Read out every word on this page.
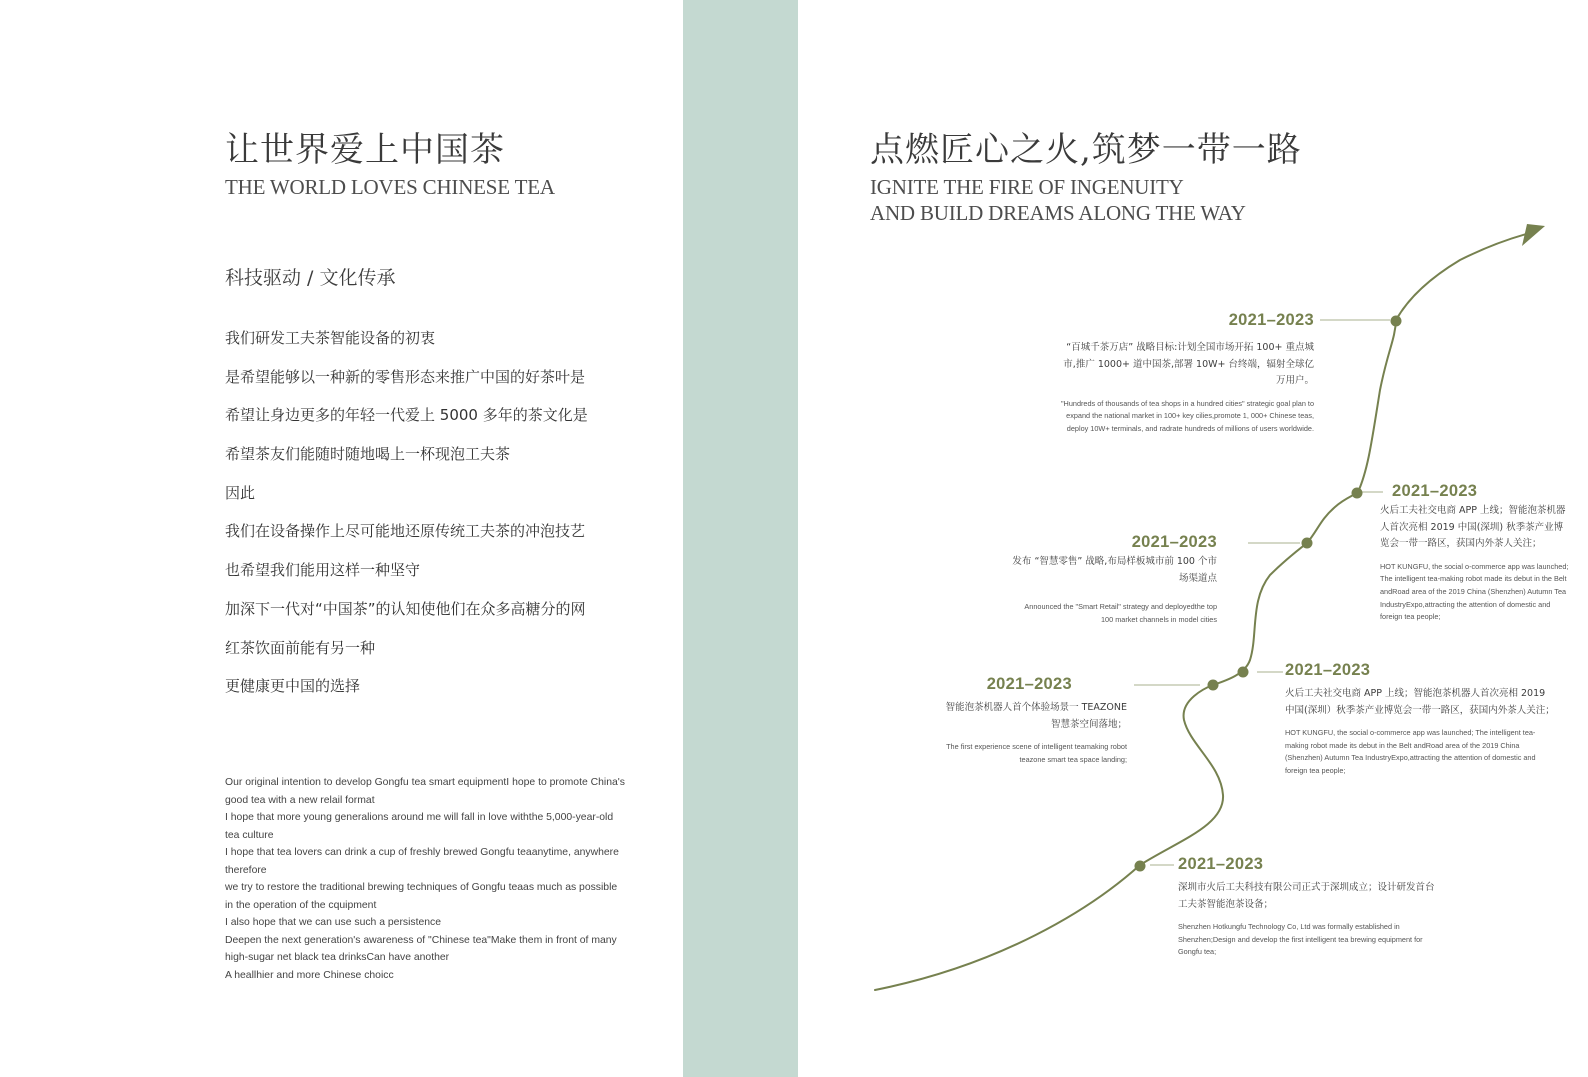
让世界爱上中国茶
THE WORLD LOVES CHINESE TEA

科技驱动 / 文化传承

我们研发工夫茶智能设备的初衷
是希望能够以一种新的零售形态来推广中国的好茶叶是
希望让身边更多的年轻一代爱上 5000 多年的茶文化是
希望茶友们能随时随地喝上一杯现泡工夫茶
因此
我们在设备操作上尽可能地还原传统工夫茶的冲泡技艺
也希望我们能用这样一种坚守
加深下一代对“中国茶”的认知使他们在众多高糖分的网
红茶饮面前能有另一种
更健康更中国的选择
Our original intention to develop Gongfu tea smart equipmentI hope to promote China's good tea with a new relail format
I hope that more young generalions around me will fall in love withthe 5,000-year-old tea culture
I hope that tea lovers can drink a cup of freshly brewed Gongfu teaanytime, anywhere
therefore
we try to restore the traditional brewing techniques of Gongfu teaas much as possible in the operation of the cquipment
I also hope that we can use such a persistence
Deepen the next generation's awareness of "Chinese tea"Make them in front of many high-sugar net black tea drinksCan have another
A heallhier and more Chinese choicc
点燃匠心之火,筑梦一带一路
IGNITE THE FIRE OF INGENUITY
AND BUILD DREAMS ALONG THE WAY
2021–2023
“百城千茶万店” 战略目标:计划全国市场开拓 100+ 重点城市,推广 1000+ 道中国茶,部署 10W+ 台终端，辐射全球亿万用户。
"Hundreds of thousands of tea shops in a hundred cities" strategic goal plan to expand the national market in 100+ key cilies,promote 1, 000+ Chinese teas, deploy 10W+ terminals, and radrate hundreds of millions of users worldwide.
2021–2023
火后工夫社交电商 APP 上线；智能泡茶机器人首次亮相 2019 中国(深圳) 秋季茶产业博览会一带一路区，获国内外茶人关注；
HOT KUNGFU, the social o-commerce app was launched; The intelligent tea-making robot made its debut in the Belt andRoad area of the 2019 China (Shenzhen) Autumn Tea IndustryExpo,attracting the attention of domestic and foreign tea people;
2021–2023
发布 “智慧零售” 战略,布局样板城市前 100 个市场渠道点
Announced the "Smart Retail" strategy and deployedthe top 100 market channels in model cities
2021–2023
火后工夫社交电商 APP 上线；智能泡茶机器人首次亮相 2019 中国(深圳）秋季茶产业博览会一带一路区，获国内外茶人关注；
HOT KUNGFU, the social o-commerce app was launched; The intelligent tea-making robot made its debut in the Belt andRoad area of the 2019 China (Shenzhen) Autumn Tea IndustryExpo,attracting the attention of domestic and foreign tea people;
2021–2023
智能泡茶机器人首个体验场景一 TEAZONE 智慧茶空间落地；
The first experience scene of intelligent teamaking robot teazone smart tea space landing;
2021–2023
深圳市火后工夫科技有限公司正式于深圳成立；设计研发首台工夫茶智能泡茶设备；
Shenzhen Hotkungfu Technology Co, Ltd was formally established in Shenzhen;Design and develop the first intelligent tea brewing equipment for Gongfu tea;
